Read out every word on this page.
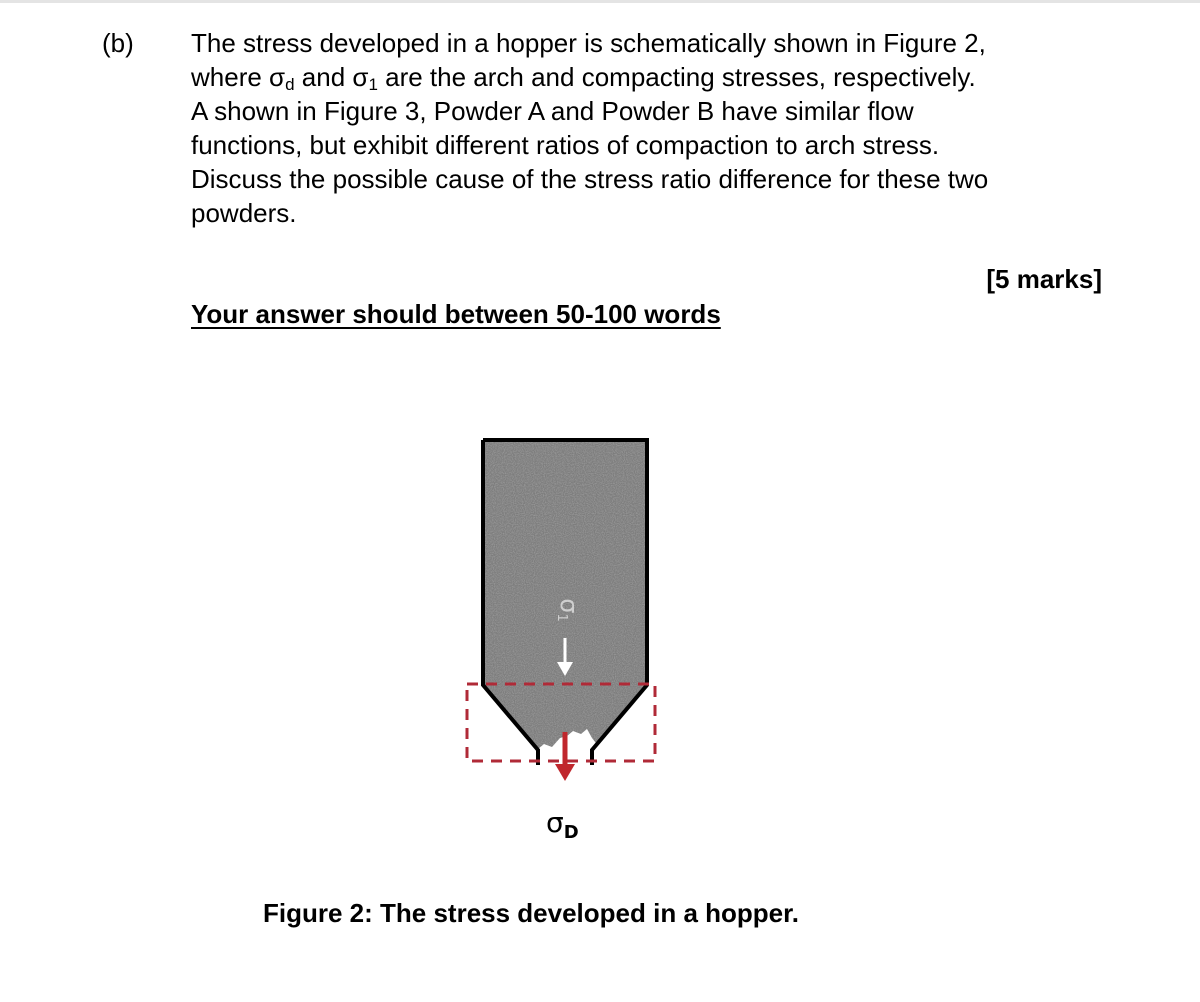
(b) The stress developed in a hopper is schematically shown in Figure 2,
where $\sigma_d$ and $\sigma_1$ are the arch and compacting stresses, respectively.
A shown in Figure 3, Powder A and Powder B have similar flow
functions, but exhibit different ratios of compaction to arch stress.
Discuss the possible cause of the stress ratio difference for these two
powders.

[5 marks]
Your answer should between 50-100 words
$\sigma_1$
$\sigma_D$
Figure 2: The stress developed in a hopper.
